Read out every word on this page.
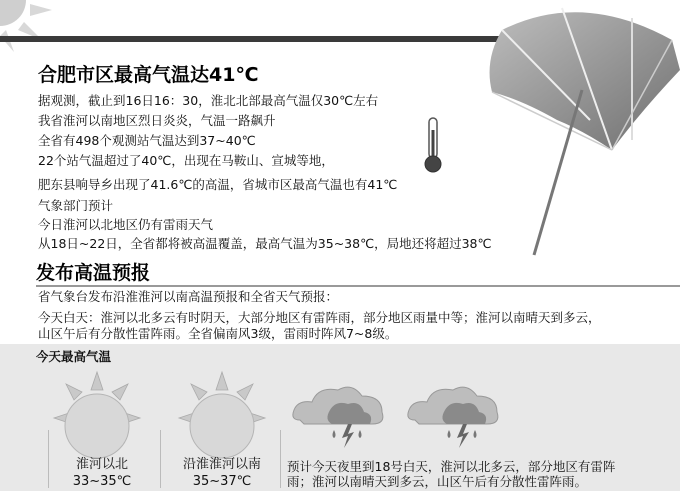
合肥市区最高气温达41℃
据观测，截止到16日16：30，淮北北部最高气温仅30℃左右
我省淮河以南地区烈日炎炎，气温一路飙升
全省有498个观测站气温达到37~40℃
22个站气温超过了40℃，出现在马鞍山、宣城等地，
肥东县响导乡出现了41.6℃的高温，省城市区最高气温也有41℃
气象部门预计
今日淮河以北地区仍有雷雨天气
从18日~22日，全省都将被高温覆盖，最高气温为35~38℃，局地还将超过38℃
发布高温预报
省气象台发布沿淮淮河以南高温预报和全省天气预报：
今天白天：淮河以北多云有时阴天，大部分地区有雷阵雨，部分地区雨量中等；淮河以南晴天到多云，
山区午后有分散性雷阵雨。全省偏南风3级，雷雨时阵风7~8级。
今天最高气温
淮河以北
33~35℃
沿淮淮河以南
35~37℃
预计今天夜里到18号白天，淮河以北多云，部分地区有雷阵
雨；淮河以南晴天到多云，山区午后有分散性雷阵雨。
